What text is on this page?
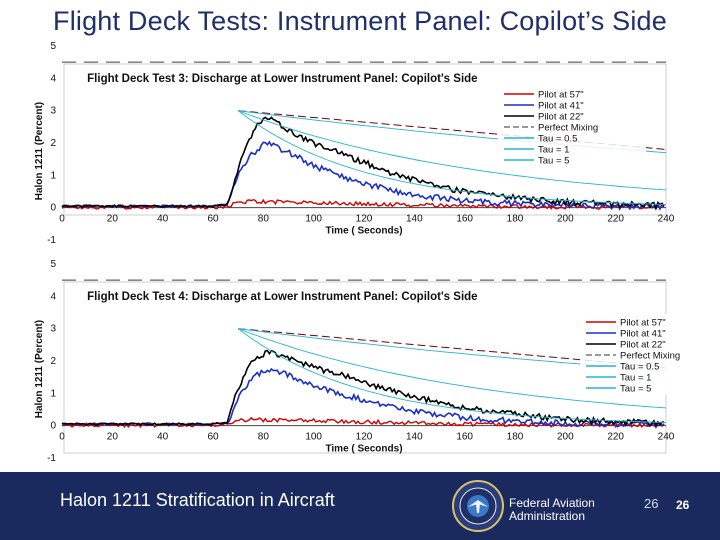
Flight Deck Tests: Instrument Panel: Copilot’s Side
-1
0
1
2
3
4
5
0	20	40	60	80	100	120	140	160	180	200	220	240
Time ( Seconds)
Halon 1211 (Percent)
Flight Deck Test 3: Discharge at Lower Instrument Panel: Copilot's Side
Pilot at 57"
Pilot at 41"
Pilot at 22"
Perfect Mixing
Tau = 0.5
Tau = 1
Tau = 5
-1
0
1
2
3
4
5
0	20	40	60	80	100	120	140	160	180	200	220	240
Time ( Seconds)
Halon 1211 (Percent)
Flight Deck Test 4: Discharge at Lower Instrument Panel: Copilot's Side
Pilot at 57"
Pilot at 41"
Pilot at 22"
Perfect Mixing
Tau = 0.5
Tau = 1
Tau = 5
Halon 1211 Stratification in Aircraft	Federal Aviation
Administration
26 26
